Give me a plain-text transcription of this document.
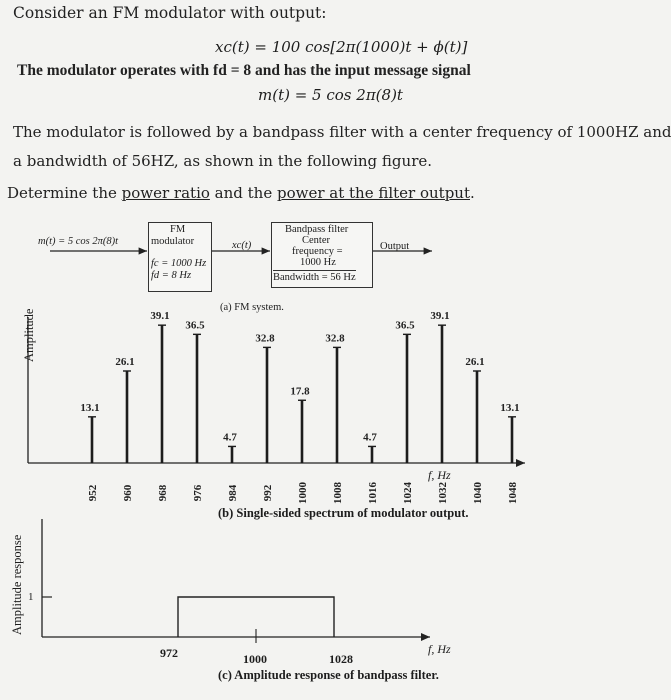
Consider an FM modulator with output:
xc(t) = 100 cos[2π(1000)t + ϕ(t)]
The modulator operates with fd = 8 and has the input message signal
m(t) = 5 cos 2π(8)t
The modulator is followed by a bandpass filter with a center frequency of 1000HZ and
a bandwidth of 56HZ, as shown in the following figure.
Determine the power ratio and the power at the filter output.
m(t) = 5 cos 2π(8)t
FM
modulator
fc = 1000 Hz
fd = 8 Hz
xc(t)
Bandpass filter
Center
frequency =
1000 Hz
Bandwidth = 56 Hz
Output
(a) FM system.
13.1
952
26.1
960
39.1
968
36.5
976
4.7
984
32.8
992
17.8
1000
32.8
1008
4.7
1016
36.5
1024
39.1
1032
26.1
1040
13.1
1048
Amplitude
f, Hz
(b) Single-sided spectrum of modulator output.
Amplitude response 1
f, Hz
972	1000	1028
(c) Amplitude response of bandpass filter.
